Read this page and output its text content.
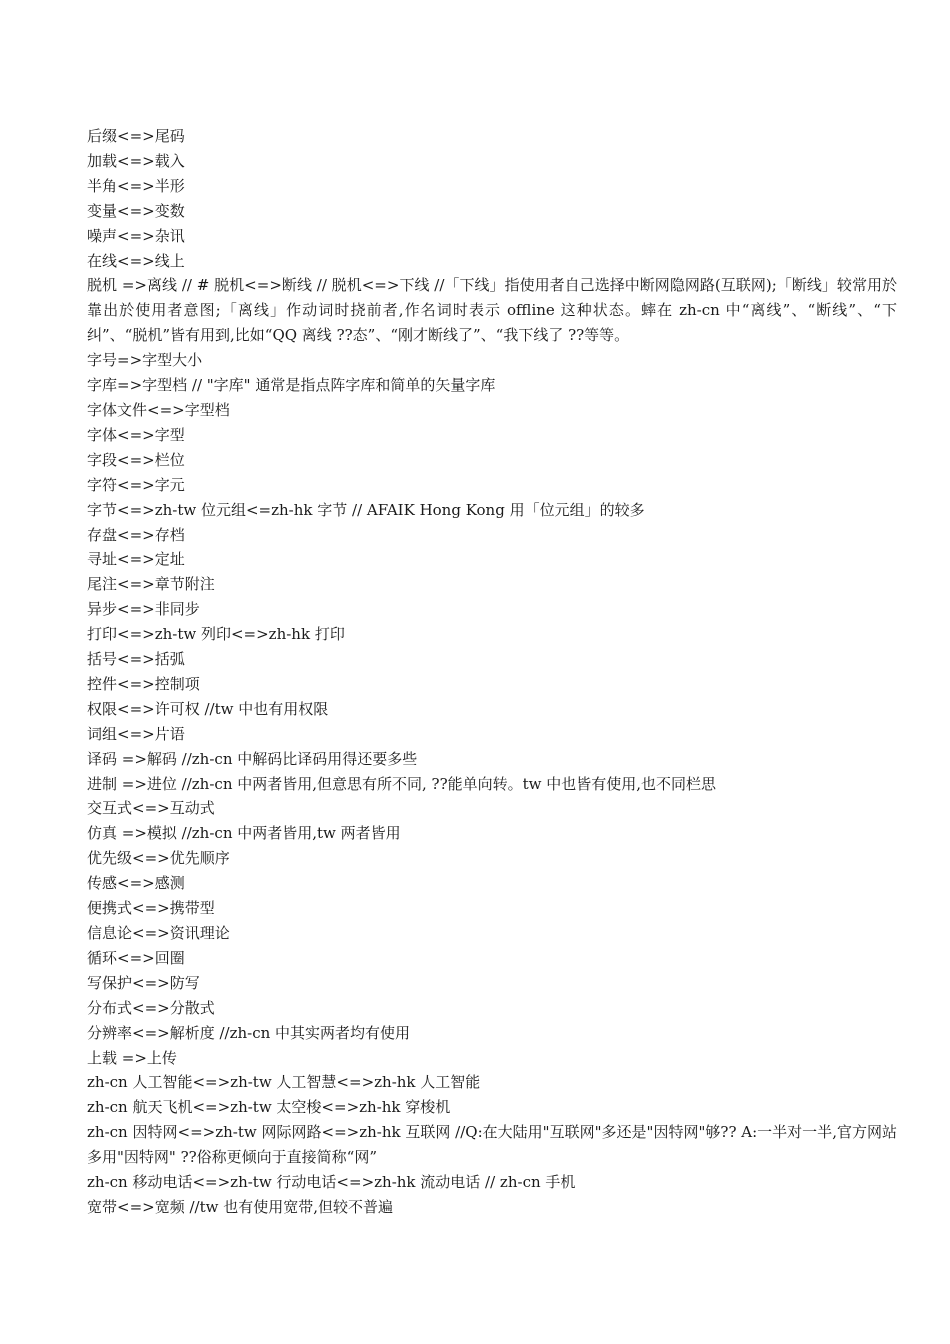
后缀<=>尾码

加载<=>载入

半角<=>半形

变量<=>变数

噪声<=>杂讯

在线<=>线上

脱机 =>离线 // # 脱机<=>断线 // 脱机<=>下线 //「下线」指使用者自己选择中断网隐网路(互联网);「断线」较常用於靠出於使用者意图;「离线」作动词时挠前者,作名词时表示 offline 这种状态。蟀在 zh-cn 中“离线”、“断线”、“下纠”、“脱机”皆有用到,比如“QQ 离线 ??态”、“刚才断线了”、“我下线了 ??等等。

字号=>字型大小

字库=>字型档 // "字库" 通常是指点阵字库和简单的矢量字库

字体文件<=>字型档

字体<=>字型

字段<=>栏位

字符<=>字元

字节<=>zh-tw 位元组<=zh-hk 字节 // AFAIK Hong Kong 用「位元组」的较多

存盘<=>存档

寻址<=>定址

尾注<=>章节附注

异步<=>非同步

打印<=>zh-tw 列印<=>zh-hk 打印

括号<=>括弧

控件<=>控制项

权限<=>许可权 //tw 中也有用权限

词组<=>片语

译码 =>解码 //zh-cn 中解码比译码用得还要多些

进制 =>进位 //zh-cn 中两者皆用,但意思有所不同, ??能单向转。tw 中也皆有使用,也不同栏思

交互式<=>互动式

仿真 =>模拟 //zh-cn 中两者皆用,tw 两者皆用

优先级<=>优先顺序

传感<=>感测

便携式<=>携带型

信息论<=>资讯理论

循环<=>回圈

写保护<=>防写

分布式<=>分散式

分辨率<=>解析度 //zh-cn 中其实两者均有使用

上载 =>上传

zh-cn 人工智能<=>zh-tw 人工智慧<=>zh-hk 人工智能

zh-cn 航天飞机<=>zh-tw 太空梭<=>zh-hk 穿梭机

zh-cn 因特网<=>zh-tw 网际网路<=>zh-hk 互联网 //Q:在大陆用"互联网"多还是"因特网"够?? A:一半对一半,官方网站多用"因特网" ??俗称更倾向于直接简称“网”

zh-cn 移动电话<=>zh-tw 行动电话<=>zh-hk 流动电话 // zh-cn 手机

宽带<=>宽频 //tw 也有使用宽带,但较不普遍
